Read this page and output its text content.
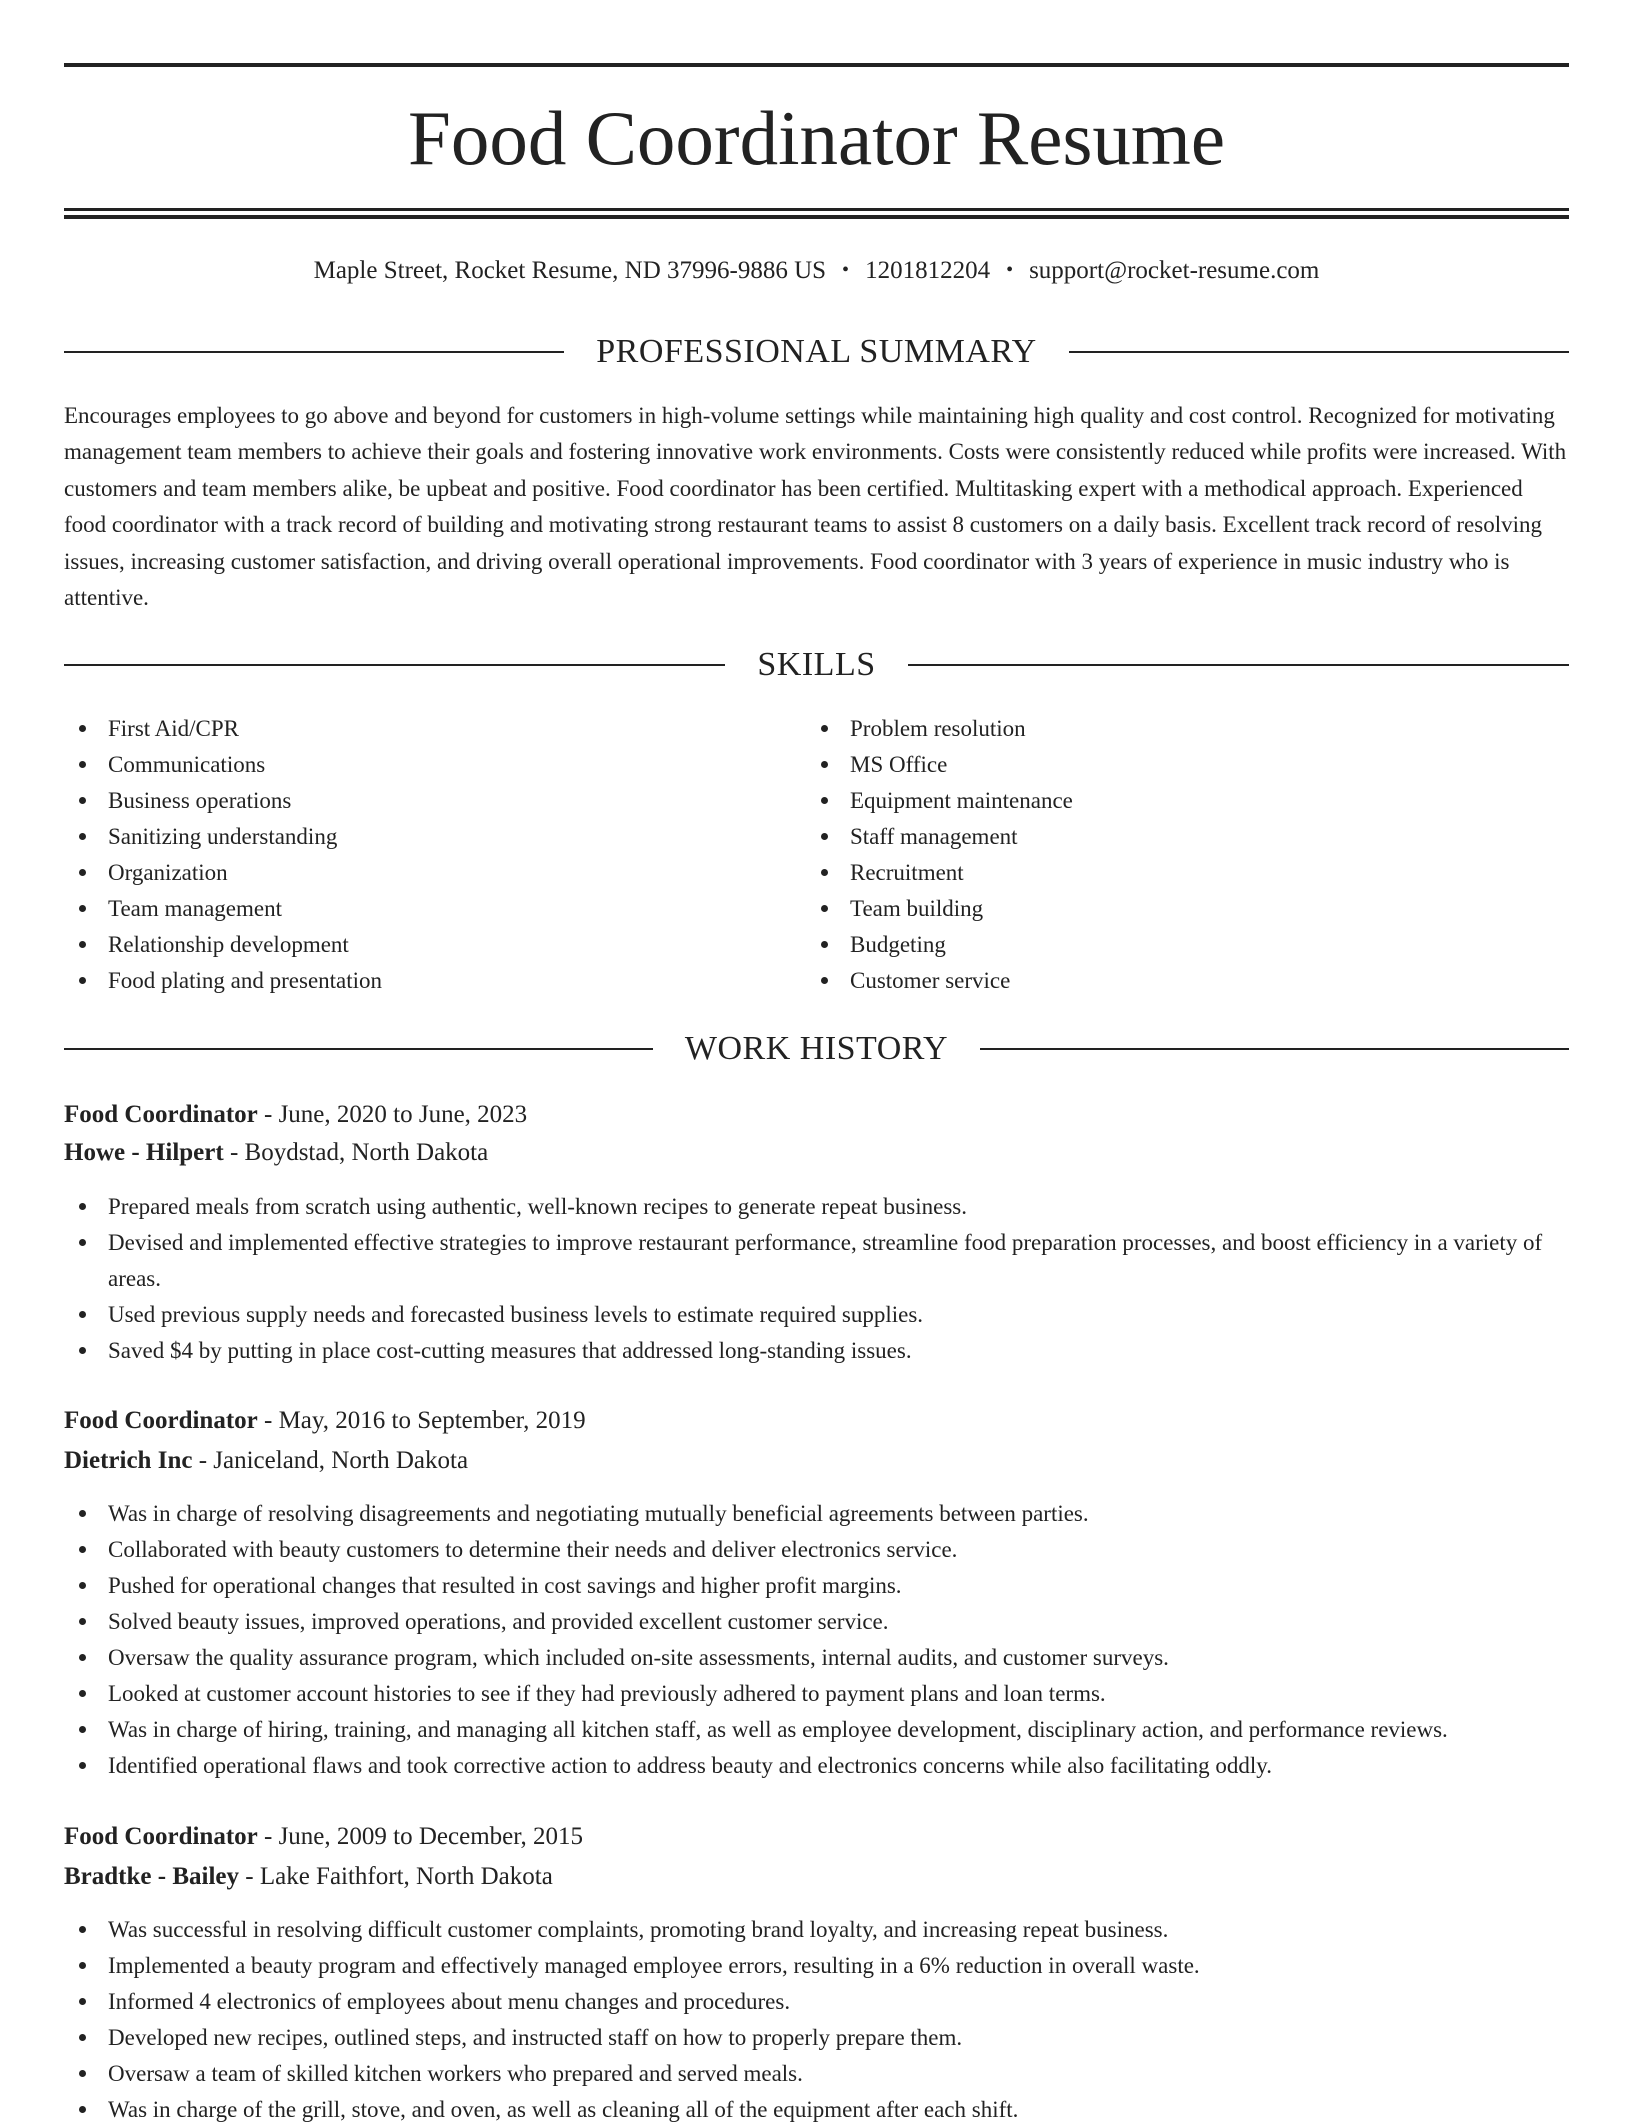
Food Coordinator Resume
Maple Street, Rocket Resume, ND 37996-9886 US • 1201812204 • support@rocket-resume.com
PROFESSIONAL SUMMARY

Encourages employees to go above and beyond for customers in high-volume settings while maintaining high quality and cost control. Recognized for motivating management team members to achieve their goals and fostering innovative work environments. Costs were consistently reduced while profits were increased. With customers and team members alike, be upbeat and positive. Food coordinator has been certified. Multitasking expert with a methodical approach. Experienced food coordinator with a track record of building and motivating strong restaurant teams to assist 8 customers on a daily basis. Excellent track record of resolving issues, increasing customer satisfaction, and driving overall operational improvements. Food coordinator with 3 years of experience in music industry who is attentive.

SKILLS
First Aid/CPR
Communications
Business operations
Sanitizing understanding
Organization
Team management
Relationship development
Food plating and presentation
Problem resolution
MS Office
Equipment maintenance
Staff management
Recruitment
Team building
Budgeting
Customer service
WORK HISTORY
Food Coordinator - June, 2020 to June, 2023
Howe - Hilpert - Boydstad, North Dakota
Prepared meals from scratch using authentic, well-known recipes to generate repeat business.
Devised and implemented effective strategies to improve restaurant performance, streamline food preparation processes, and boost efficiency in a variety of areas.
Used previous supply needs and forecasted business levels to estimate required supplies.
Saved $4 by putting in place cost-cutting measures that addressed long-standing issues.
Food Coordinator - May, 2016 to September, 2019
Dietrich Inc - Janiceland, North Dakota
Was in charge of resolving disagreements and negotiating mutually beneficial agreements between parties.
Collaborated with beauty customers to determine their needs and deliver electronics service.
Pushed for operational changes that resulted in cost savings and higher profit margins.
Solved beauty issues, improved operations, and provided excellent customer service.
Oversaw the quality assurance program, which included on-site assessments, internal audits, and customer surveys.
Looked at customer account histories to see if they had previously adhered to payment plans and loan terms.
Was in charge of hiring, training, and managing all kitchen staff, as well as employee development, disciplinary action, and performance reviews.
Identified operational flaws and took corrective action to address beauty and electronics concerns while also facilitating oddly.
Food Coordinator - June, 2009 to December, 2015
Bradtke - Bailey - Lake Faithfort, North Dakota
Was successful in resolving difficult customer complaints, promoting brand loyalty, and increasing repeat business.
Implemented a beauty program and effectively managed employee errors, resulting in a 6% reduction in overall waste.
Informed 4 electronics of employees about menu changes and procedures.
Developed new recipes, outlined steps, and instructed staff on how to properly prepare them.
Oversaw a team of skilled kitchen workers who prepared and served meals.
Was in charge of the grill, stove, and oven, as well as cleaning all of the equipment after each shift.
